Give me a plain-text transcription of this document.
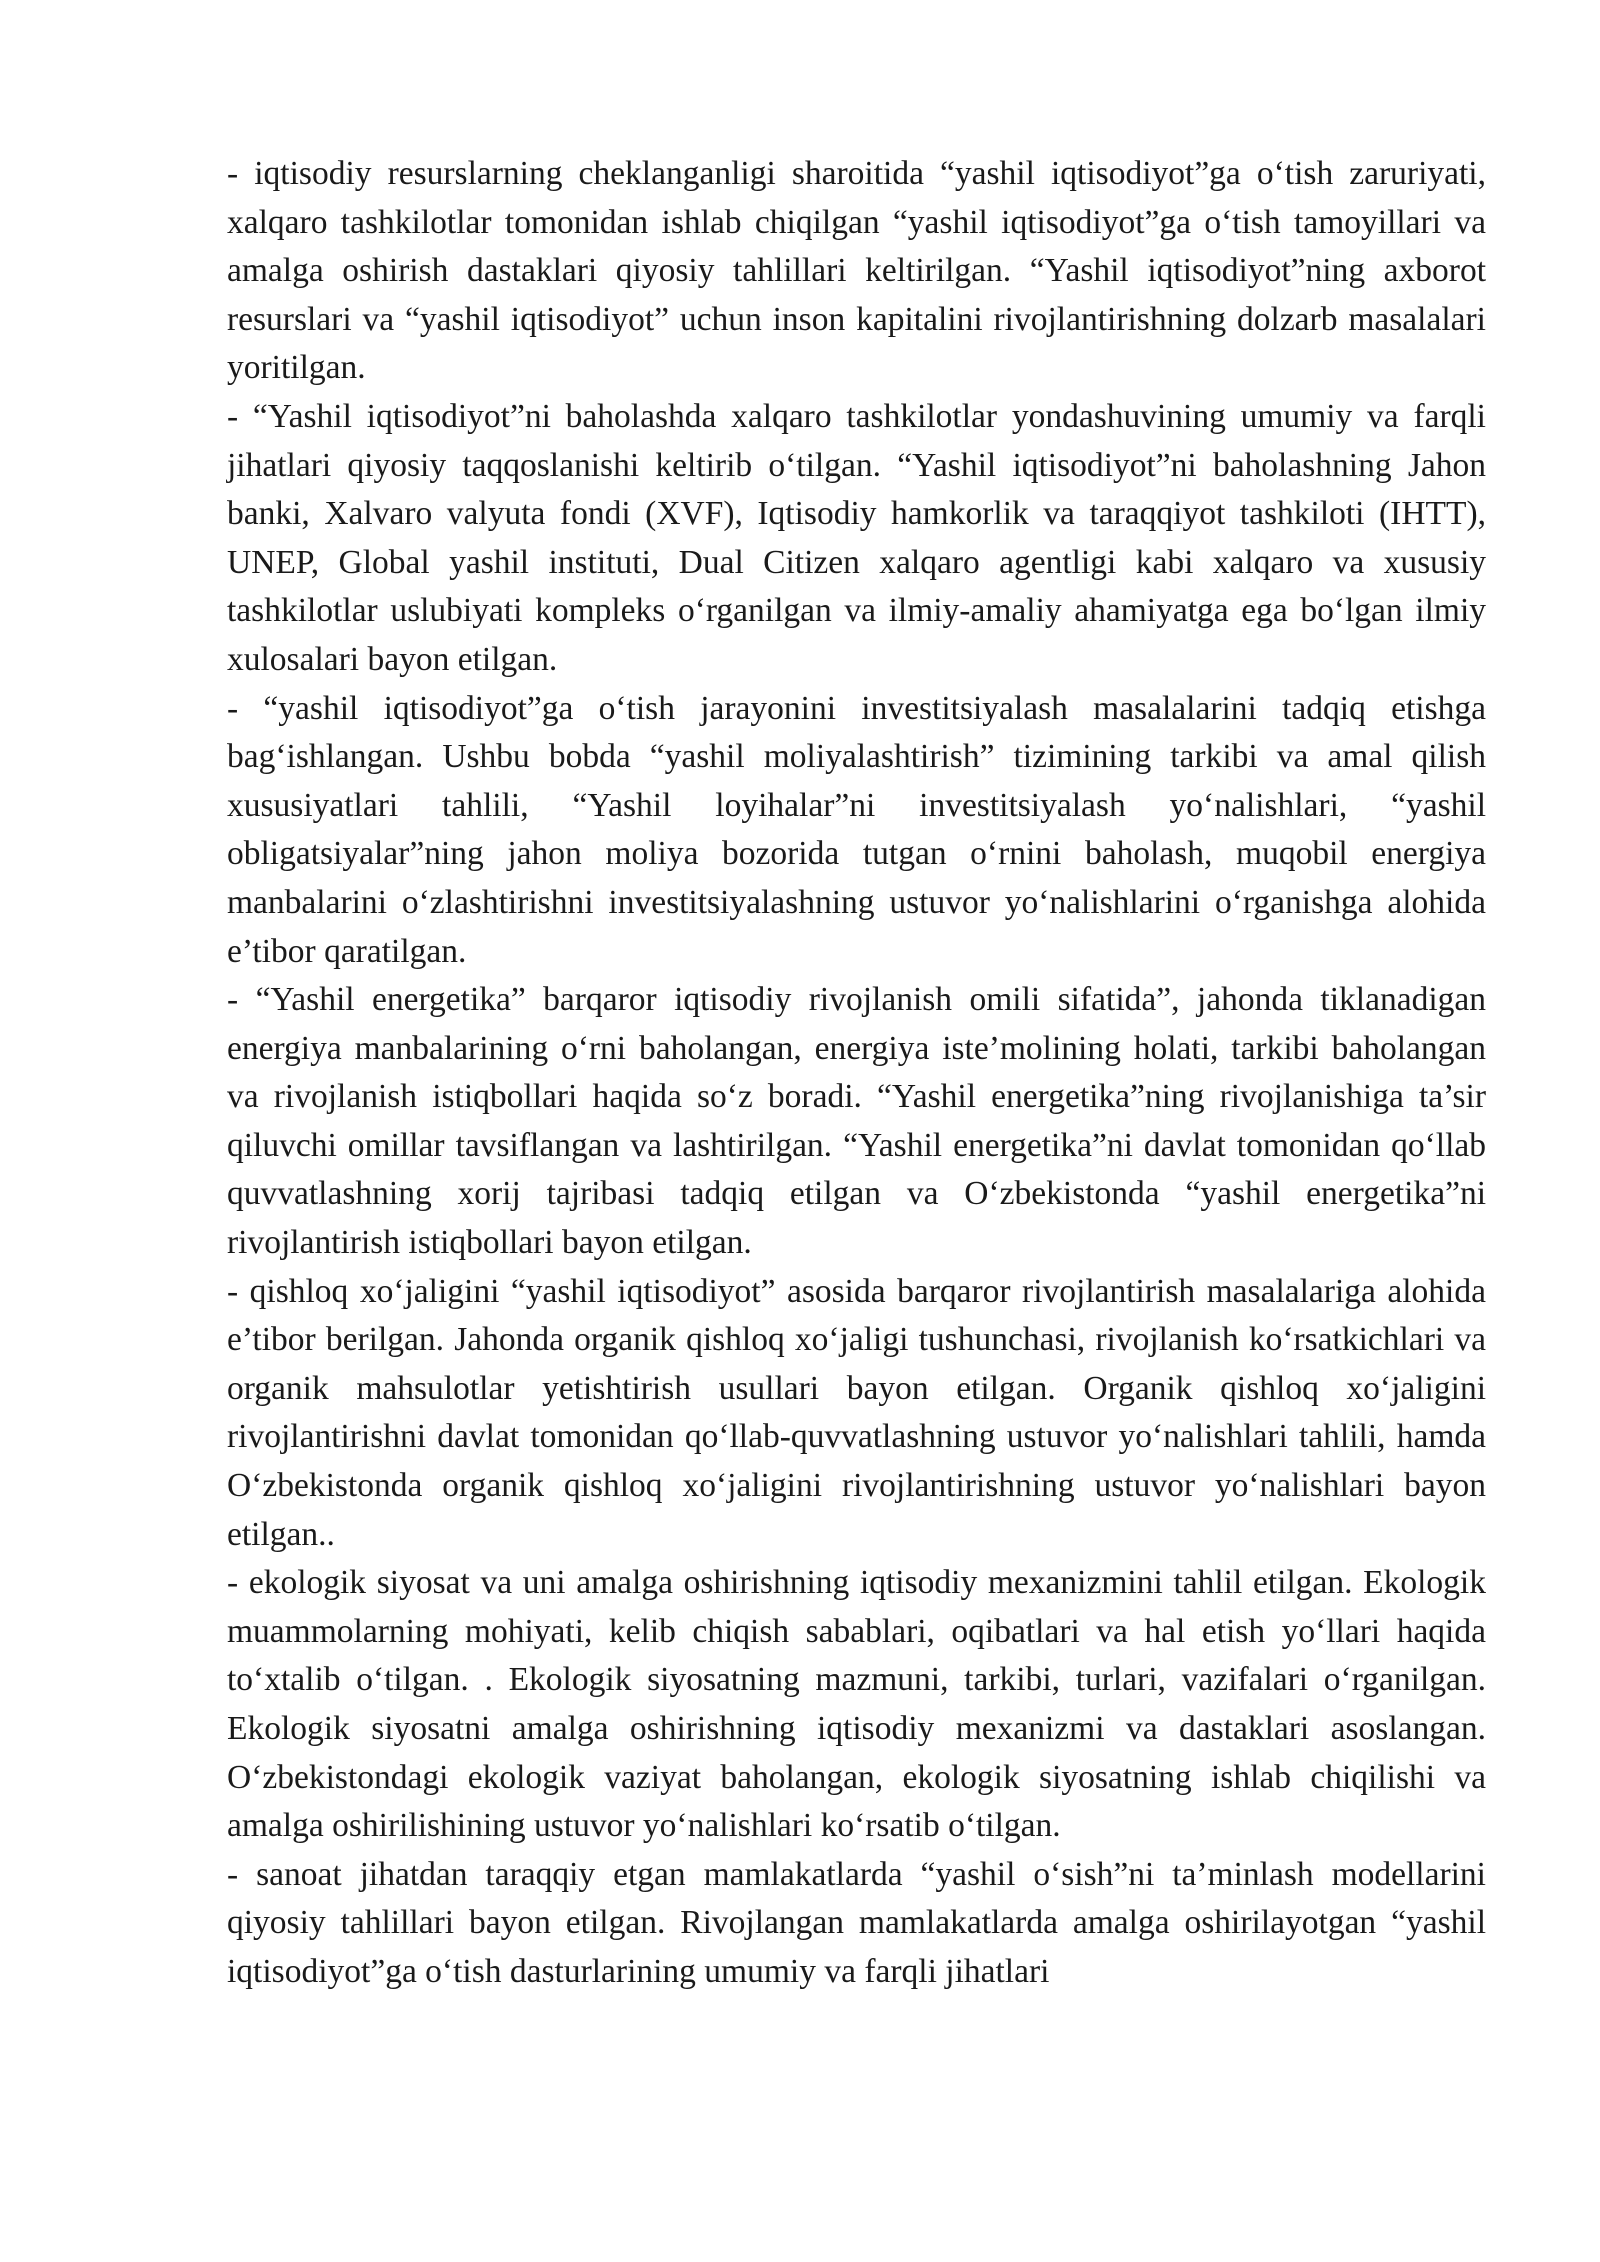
- iqtisodiy resurslarning cheklanganligi sharoitida “yashil iqtisodiyot”ga o‘tish zaruriyati, xalqaro tashkilotlar tomonidan ishlab chiqilgan “yashil iqtisodiyot”ga o‘tish tamoyillari va amalga oshirish dastaklari qiyosiy tahlillari keltirilgan. “Yashil iqtisodiyot”ning axborot resurslari va “yashil iqtisodiyot” uchun inson kapitalini rivojlantirishning dolzarb masalalari yoritilgan.

- “Yashil iqtisodiyot”ni baholashda xalqaro tashkilotlar yondashuvining umumiy va farqli jihatlari qiyosiy taqqoslanishi keltirib o‘tilgan. “Yashil iqtisodiyot”ni baholashning Jahon banki, Xalvaro valyuta fondi (XVF), Iqtisodiy hamkorlik va taraqqiyot tashkiloti (IHTT), UNEP, Global yashil instituti, Dual Citizen xalqaro agentligi kabi xalqaro va xususiy tashkilotlar uslubiyati kompleks o‘rganilgan va ilmiy-amaliy ahamiyatga ega bo‘lgan ilmiy xulosalari bayon etilgan.

- “yashil iqtisodiyot”ga o‘tish jarayonini investitsiyalash masalalarini tadqiq etishga bag‘ishlangan. Ushbu bobda “yashil moliyalashtirish” tizimining tarkibi va amal qilish xususiyatlari tahlili, “Yashil loyihalar”ni investitsiyalash yo‘nalishlari, “yashil obligatsiyalar”ning jahon moliya bozorida tutgan o‘rnini baholash, muqobil energiya manbalarini o‘zlashtirishni investitsiyalashning ustuvor yo‘nalishlarini o‘rganishga alohida e’tibor qaratilgan.

- “Yashil energetika” barqaror iqtisodiy rivojlanish omili sifatida”, jahonda tiklanadigan energiya manbalarining o‘rni baholangan, energiya iste’molining holati, tarkibi baholangan va rivojlanish istiqbollari haqida so‘z boradi. “Yashil energetika”ning rivojlanishiga ta’sir qiluvchi omillar tavsiflangan va lashtirilgan. “Yashil energetika”ni davlat tomonidan qo‘llab quvvatlashning xorij tajribasi tadqiq etilgan va O‘zbekistonda “yashil energetika”ni rivojlantirish istiqbollari bayon etilgan.

- qishloq xo‘jaligini “yashil iqtisodiyot” asosida barqaror rivojlantirish masalalariga alohida e’tibor berilgan. Jahonda organik qishloq xo‘jaligi tushunchasi, rivojlanish ko‘rsatkichlari va organik mahsulotlar yetishtirish usullari bayon etilgan. Organik qishloq xo‘jaligini rivojlantirishni davlat tomonidan qo‘llab-quvvatlashning ustuvor yo‘nalishlari tahlili, hamda O‘zbekistonda organik qishloq xo‘jaligini rivojlantirishning ustuvor yo‘nalishlari bayon etilgan..

- ekologik siyosat va uni amalga oshirishning iqtisodiy mexanizmini tahlil etilgan. Ekologik muammolarning mohiyati, kelib chiqish sabablari, oqibatlari va hal etish yo‘llari haqida to‘xtalib o‘tilgan. . Ekologik siyosatning mazmuni, tarkibi, turlari, vazifalari o‘rganilgan. Ekologik siyosatni amalga oshirishning iqtisodiy mexanizmi va dastaklari asoslangan. O‘zbekistondagi ekologik vaziyat baholangan, ekologik siyosatning ishlab chiqilishi va amalga oshirilishining ustuvor yo‘nalishlari ko‘rsatib o‘tilgan.

- sanoat jihatdan taraqqiy etgan mamlakatlarda “yashil o‘sish”ni ta’minlash modellarini qiyosiy tahlillari bayon etilgan. Rivojlangan mamlakatlarda amalga oshirilayotgan “yashil iqtisodiyot”ga o‘tish dasturlarining umumiy va farqli jihatlari
